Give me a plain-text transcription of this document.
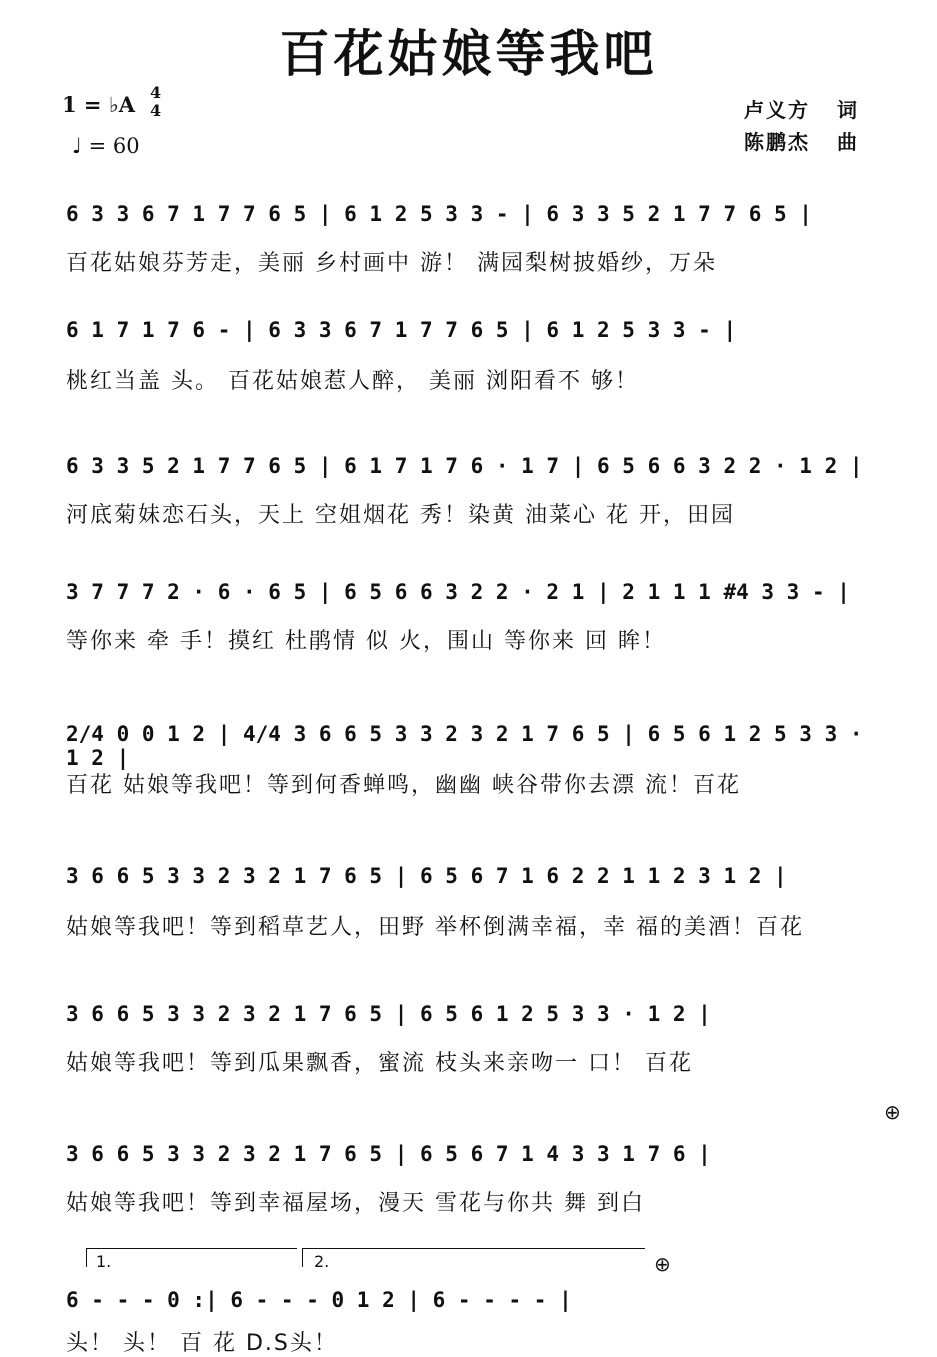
百花姑娘等我吧
1 = ♭A 4
4
♩ = 60
卢义方 词
陈鹏杰 曲
6 3 3 6 7 1 7 7 6 5 | 6 1 2 5 3 3 - | 6 3 3 5 2 1 7 7 6 5 |
百花姑娘芬芳走，美丽 乡村画中 游！ 满园梨树披婚纱，万朵
6 1 7 1 7 6 - | 6 3 3 6 7 1 7 7 6 5 | 6 1 2 5 3 3 - |
桃红当盖 头。 百花姑娘惹人醉， 美丽 浏阳看不 够！
6 3 3 5 2 1 7 7 6 5 | 6 1 7 1 7 6 · 1 7 | 6 5 6 6 3 2 2 · 1 2 |
河底菊妹恋石头，天上 空姐烟花 秀！染黄 油菜心 花 开，田园
3 7 7 7 2 · 6 · 6 5 | 6 5 6 6 3 2 2 · 2 1 | 2 1 1 1 #4 3 3 - |
等你来 牵 手！摸红 杜鹃情 似 火，围山 等你来 回 眸！
2/4 0 0 1 2 | 4/4 3 6 6 5 3 3 2 3 2 1 7 6 5 | 6 5 6 1 2 5 3 3 · 1 2 |
百花 姑娘等我吧！等到何香蝉鸣，幽幽 峡谷带你去漂 流！百花
3 6 6 5 3 3 2 3 2 1 7 6 5 | 6 5 6 7 1 6 2 2 1 1 2 3 1 2 |
姑娘等我吧！等到稻草艺人，田野 举杯倒满幸福，幸 福的美酒！百花
3 6 6 5 3 3 2 3 2 1 7 6 5 | 6 5 6 1 2 5 3 3 · 1 2 |
姑娘等我吧！等到瓜果飘香，蜜流 枝头来亲吻一 口！ 百花
3 6 6 5 3 3 2 3 2 1 7 6 5 | 6 5 6 7 1 4 3 3 1 7 6 |
姑娘等我吧！等到幸福屋场，漫天 雪花与你共 舞 到白
6 - - - 0 :| 6 - - - 0 1 2 | 6 - - - - |
头！ 头！ 百 花 D.S头！
1.	2.
⊕
⊕
